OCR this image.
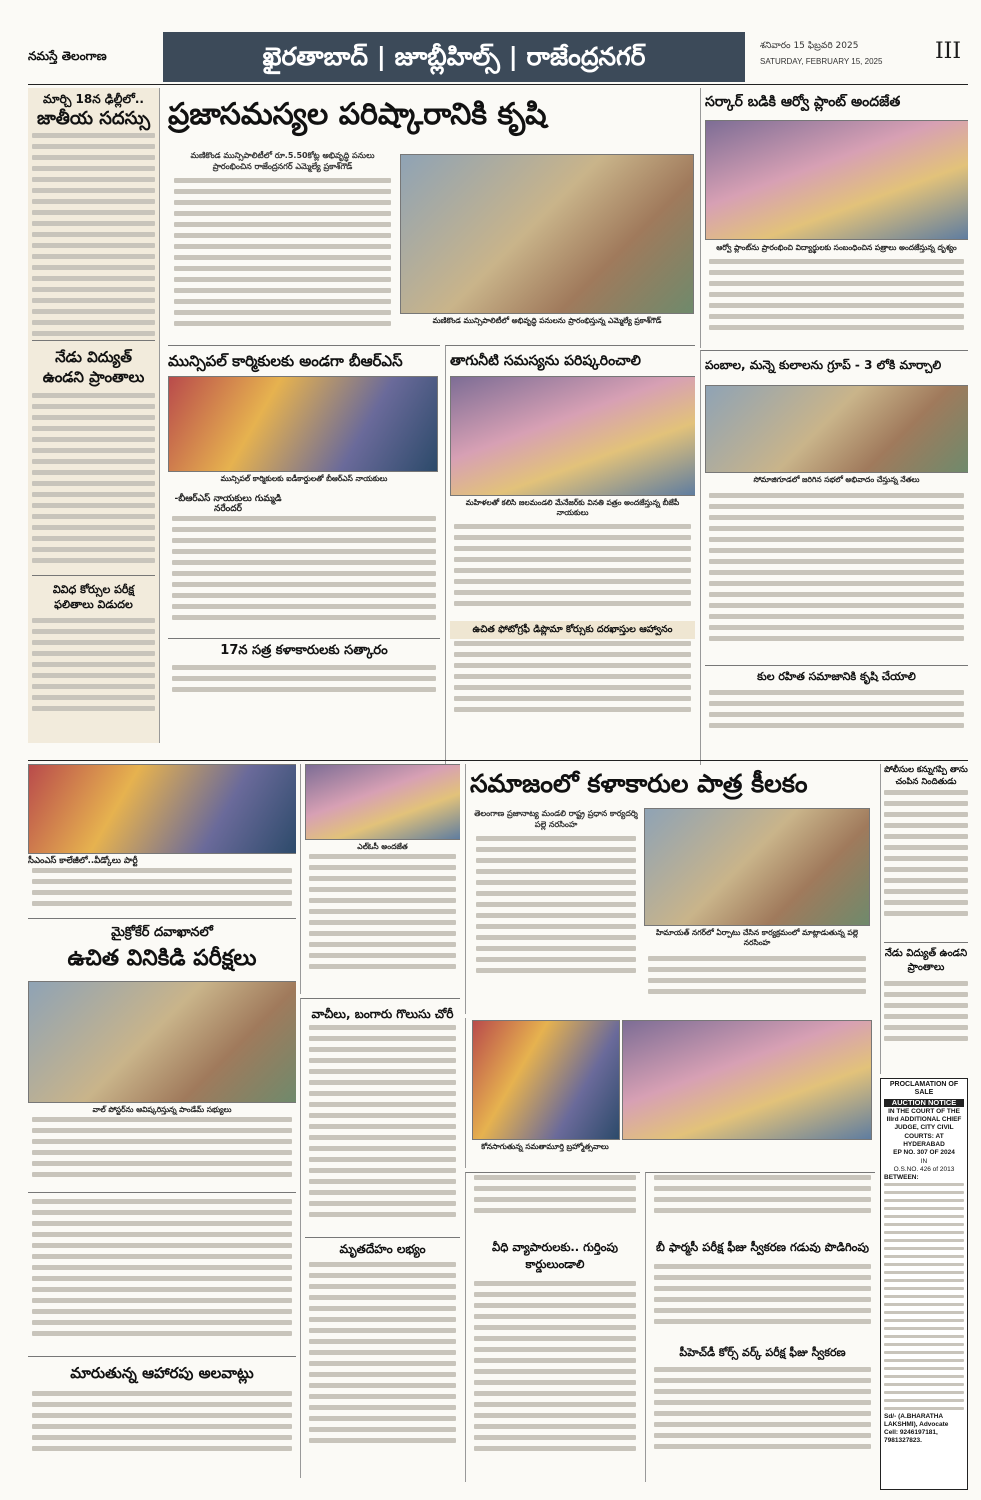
నమస్తే తెలంగాణ	ఖైరతాబాద్ | జూబ్లీహిల్స్ | రాజేంద్రనగర్	శనివారం 15 ఫిబ్రవరి 2025
SATURDAY, FEBRUARY 15, 2025	III
మార్చి 18న ఢిల్లీలో..
జాతీయ సదస్సు
నేడు విద్యుత్ ఉండని ప్రాంతాలు
వివిధ కోర్సుల పరీక్ష ఫలితాలు విడుదల
ప్రజాసమస్యల పరిష్కారానికి కృషి
మణికొండ మున్సిపాలిటీలో రూ.5.50కోట్ల అభివృద్ధి పనులు ప్రారంభించిన రాజేంద్రనగర్ ఎమ్మెల్యే ప్రకాశ్‌గౌడ్
మణికొండ మున్సిపాలిటీలో అభివృద్ధి పనులను ప్రారంభిస్తున్న ఎమ్మెల్యే ప్రకాశ్‌గౌడ్
సర్కార్ బడికి ఆర్వో ప్లాంట్ అందజేత
ఆర్వో ప్లాంట్‌ను ప్రారంభించి విద్యార్థులకు సంబంధించిన పత్రాలు అందజేస్తున్న దృశ్యం
మున్సిపల్ కార్మికులకు అండగా బీఆర్ఎస్
మున్సిపల్ కార్మికులకు ఐడీకార్డులతో బీఆర్ఎస్ నాయకులు
-బీఆర్ఎస్ నాయకులు గుమ్మడి నరేందర్
17న సత్ర కళాకారులకు సత్కారం
తాగునీటి సమస్యను పరిష్కరించాలి
మహిళలతో కలిసి జలమండలి మేనేజర్‌కు వినతి పత్రం అందజేస్తున్న బీజేపీ నాయకులు
ఉచిత ఫోటోగ్రఫీ డిప్లొమా కోర్సుకు దరఖాస్తుల ఆహ్వానం
పంబాల, మన్నె కులాలను గ్రూప్ - 3 లోకి మార్చాలి
సోమాజిగూడలో జరిగిన సభలో అభివాదం చేస్తున్న నేతలు
కుల రహిత సమాజానికి కృషి చేయాలి
సీఎంఎస్ కాలేజీలో..వీడ్కోలు పార్టీ
ఎల్ఓసీ అందజేత
సమాజంలో కళాకారుల పాత్ర కీలకం
తెలంగాణ ప్రజానాట్య మండలి రాష్ట్ర ప్రధాన కార్యదర్శి పల్లె నరసింహ
హిమాయత్ నగర్‌లో ఏర్పాటు చేసిన కార్యక్రమంలో మాట్లాడుతున్న పల్లె నరసింహ
పోలీసుల కన్నుగప్పి తాను చంపిన నిందితుడు
నేడు విద్యుత్ ఉండని ప్రాంతాలు
మైక్రోకేర్ దవాఖానలో
ఉచిత వినికిడి పరీక్షలు
వాల్ పోస్టర్‌ను ఆవిష్కరిస్తున్న పాండేమ్ సభ్యులు
వాచీలు, బంగారు గొలుసు చోరీ
మృతదేహం లభ్యం
కోనసాగుతున్న సమతామూర్తి బ్రహ్మోత్సవాలు
మారుతున్న ఆహారపు అలవాట్లు
వీధి వ్యాపారులకు.. గుర్తింపు కార్డులుండాలి
బీ ఫార్మసీ పరీక్ష ఫీజు స్వీకరణ గడువు పొడిగింపు
పీహెచ్‌డీ కోర్స్ వర్క్ పరీక్ష ఫీజు స్వీకరణ
PROCLAMATION OF SALE
AUCTION NOTICE
IN THE COURT OF THE IIIrd ADDITIONAL CHIEF JUDGE, CITY CIVIL COURTS: AT HYDERABAD
EP NO. 307 OF 2024
IN
O.S.NO. 426 of 2013
BETWEEN:
Sd/- (A.BHARATHA LAKSHMI), Advocate
Cell: 9246197181, 7981327823.
